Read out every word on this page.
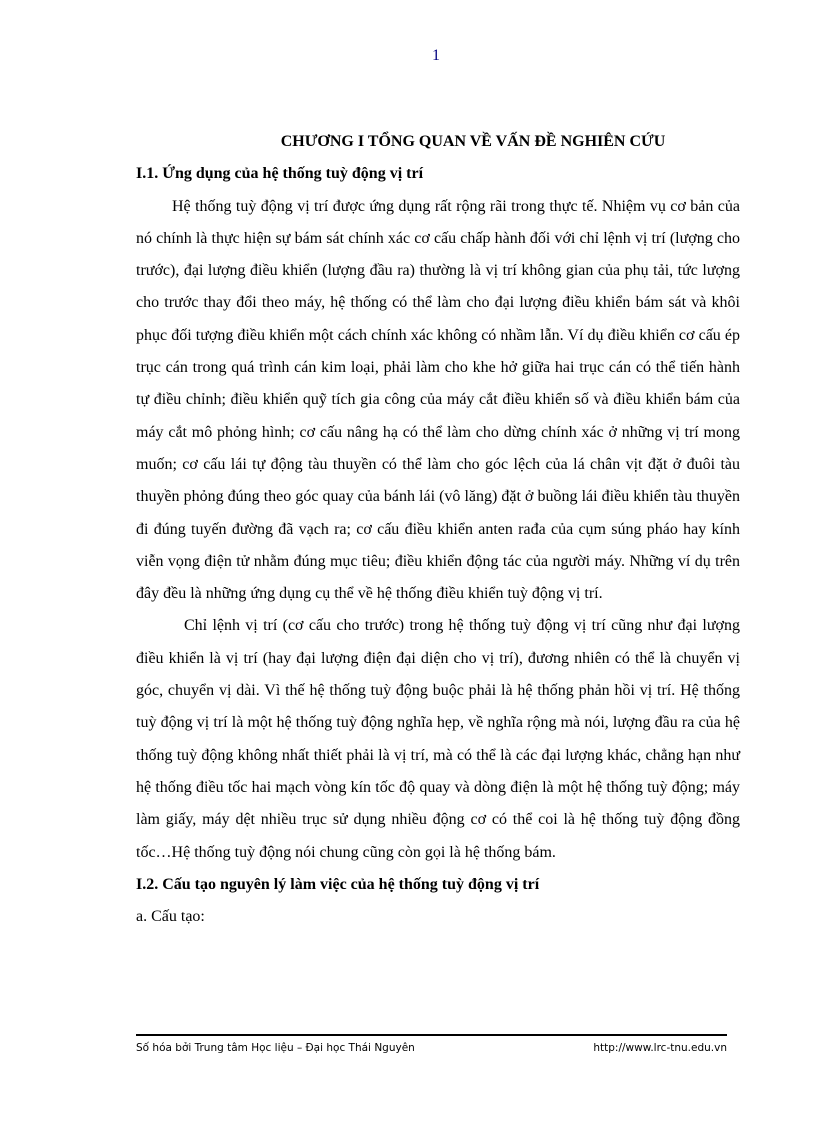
1
CHƯƠNG I TỔNG QUAN VỀ VẤN ĐỀ NGHIÊN CỨU
I.1. Ứng dụng của hệ thống tuỳ động vị trí

Hệ thống tuỳ động vị trí được ứng dụng rất rộng rãi trong thực tế. Nhiệm vụ cơ bản của nó chính là thực hiện sự bám sát chính xác cơ cấu chấp hành đối với chỉ lệnh vị trí (lượng cho trước), đại lượng điều khiển (lượng đầu ra) thường là vị trí không gian của phụ tải, tức lượng cho trước thay đổi theo máy, hệ thống có thể làm cho đại lượng điều khiển bám sát và khôi phục đối tượng điều khiển một cách chính xác không có nhầm lẫn. Ví dụ điều khiển cơ cấu ép trục cán trong quá trình cán kim loại, phải làm cho khe hở giữa hai trục cán có thể tiến hành tự điều chỉnh; điều khiển quỹ tích gia công của máy cắt điều khiển số và điều khiển bám của máy cắt mô phỏng hình; cơ cấu nâng hạ có thể làm cho dừng chính xác ở những vị trí mong muốn; cơ cấu lái tự động tàu thuyền có thể làm cho góc lệch của lá chân vịt đặt ở đuôi tàu thuyền phỏng đúng theo góc quay của bánh lái (vô lăng) đặt ở buồng lái điều khiển tàu thuyền đi đúng tuyến đường đã vạch ra; cơ cấu điều khiển anten rađa của cụm súng pháo hay kính viễn vọng điện tử nhằm đúng mục tiêu; điều khiển động tác của người máy. Những ví dụ trên đây đều là những ứng dụng cụ thể về hệ thống điều khiển tuỳ động vị trí.

Chỉ lệnh vị trí (cơ cấu cho trước) trong hệ thống tuỳ động vị trí cũng như đại lượng điều khiển là vị trí (hay đại lượng điện đại diện cho vị trí), đương nhiên có thể là chuyển vị góc, chuyển vị dài. Vì thế hệ thống tuỳ động buộc phải là hệ thống phản hồi vị trí. Hệ thống tuỳ động vị trí là một hệ thống tuỳ động nghĩa hẹp, về nghĩa rộng mà nói, lượng đầu ra của hệ thống tuỳ động không nhất thiết phải là vị trí, mà có thể là các đại lượng khác, chẳng hạn như hệ thống điều tốc hai mạch vòng kín tốc độ quay và dòng điện là một hệ thống tuỳ động; máy làm giấy, máy dệt nhiều trục sử dụng nhiều động cơ có thể coi là hệ thống tuỳ động đồng tốc…Hệ thống tuỳ động nói chung cũng còn gọi là hệ thống bám.

I.2. Cấu tạo nguyên lý làm việc của hệ thống tuỳ động vị trí

a. Cấu tạo:

Số hóa bởi Trung tâm Học liệu – Đại học Thái Nguyên	http://www.lrc-tnu.edu.vn
